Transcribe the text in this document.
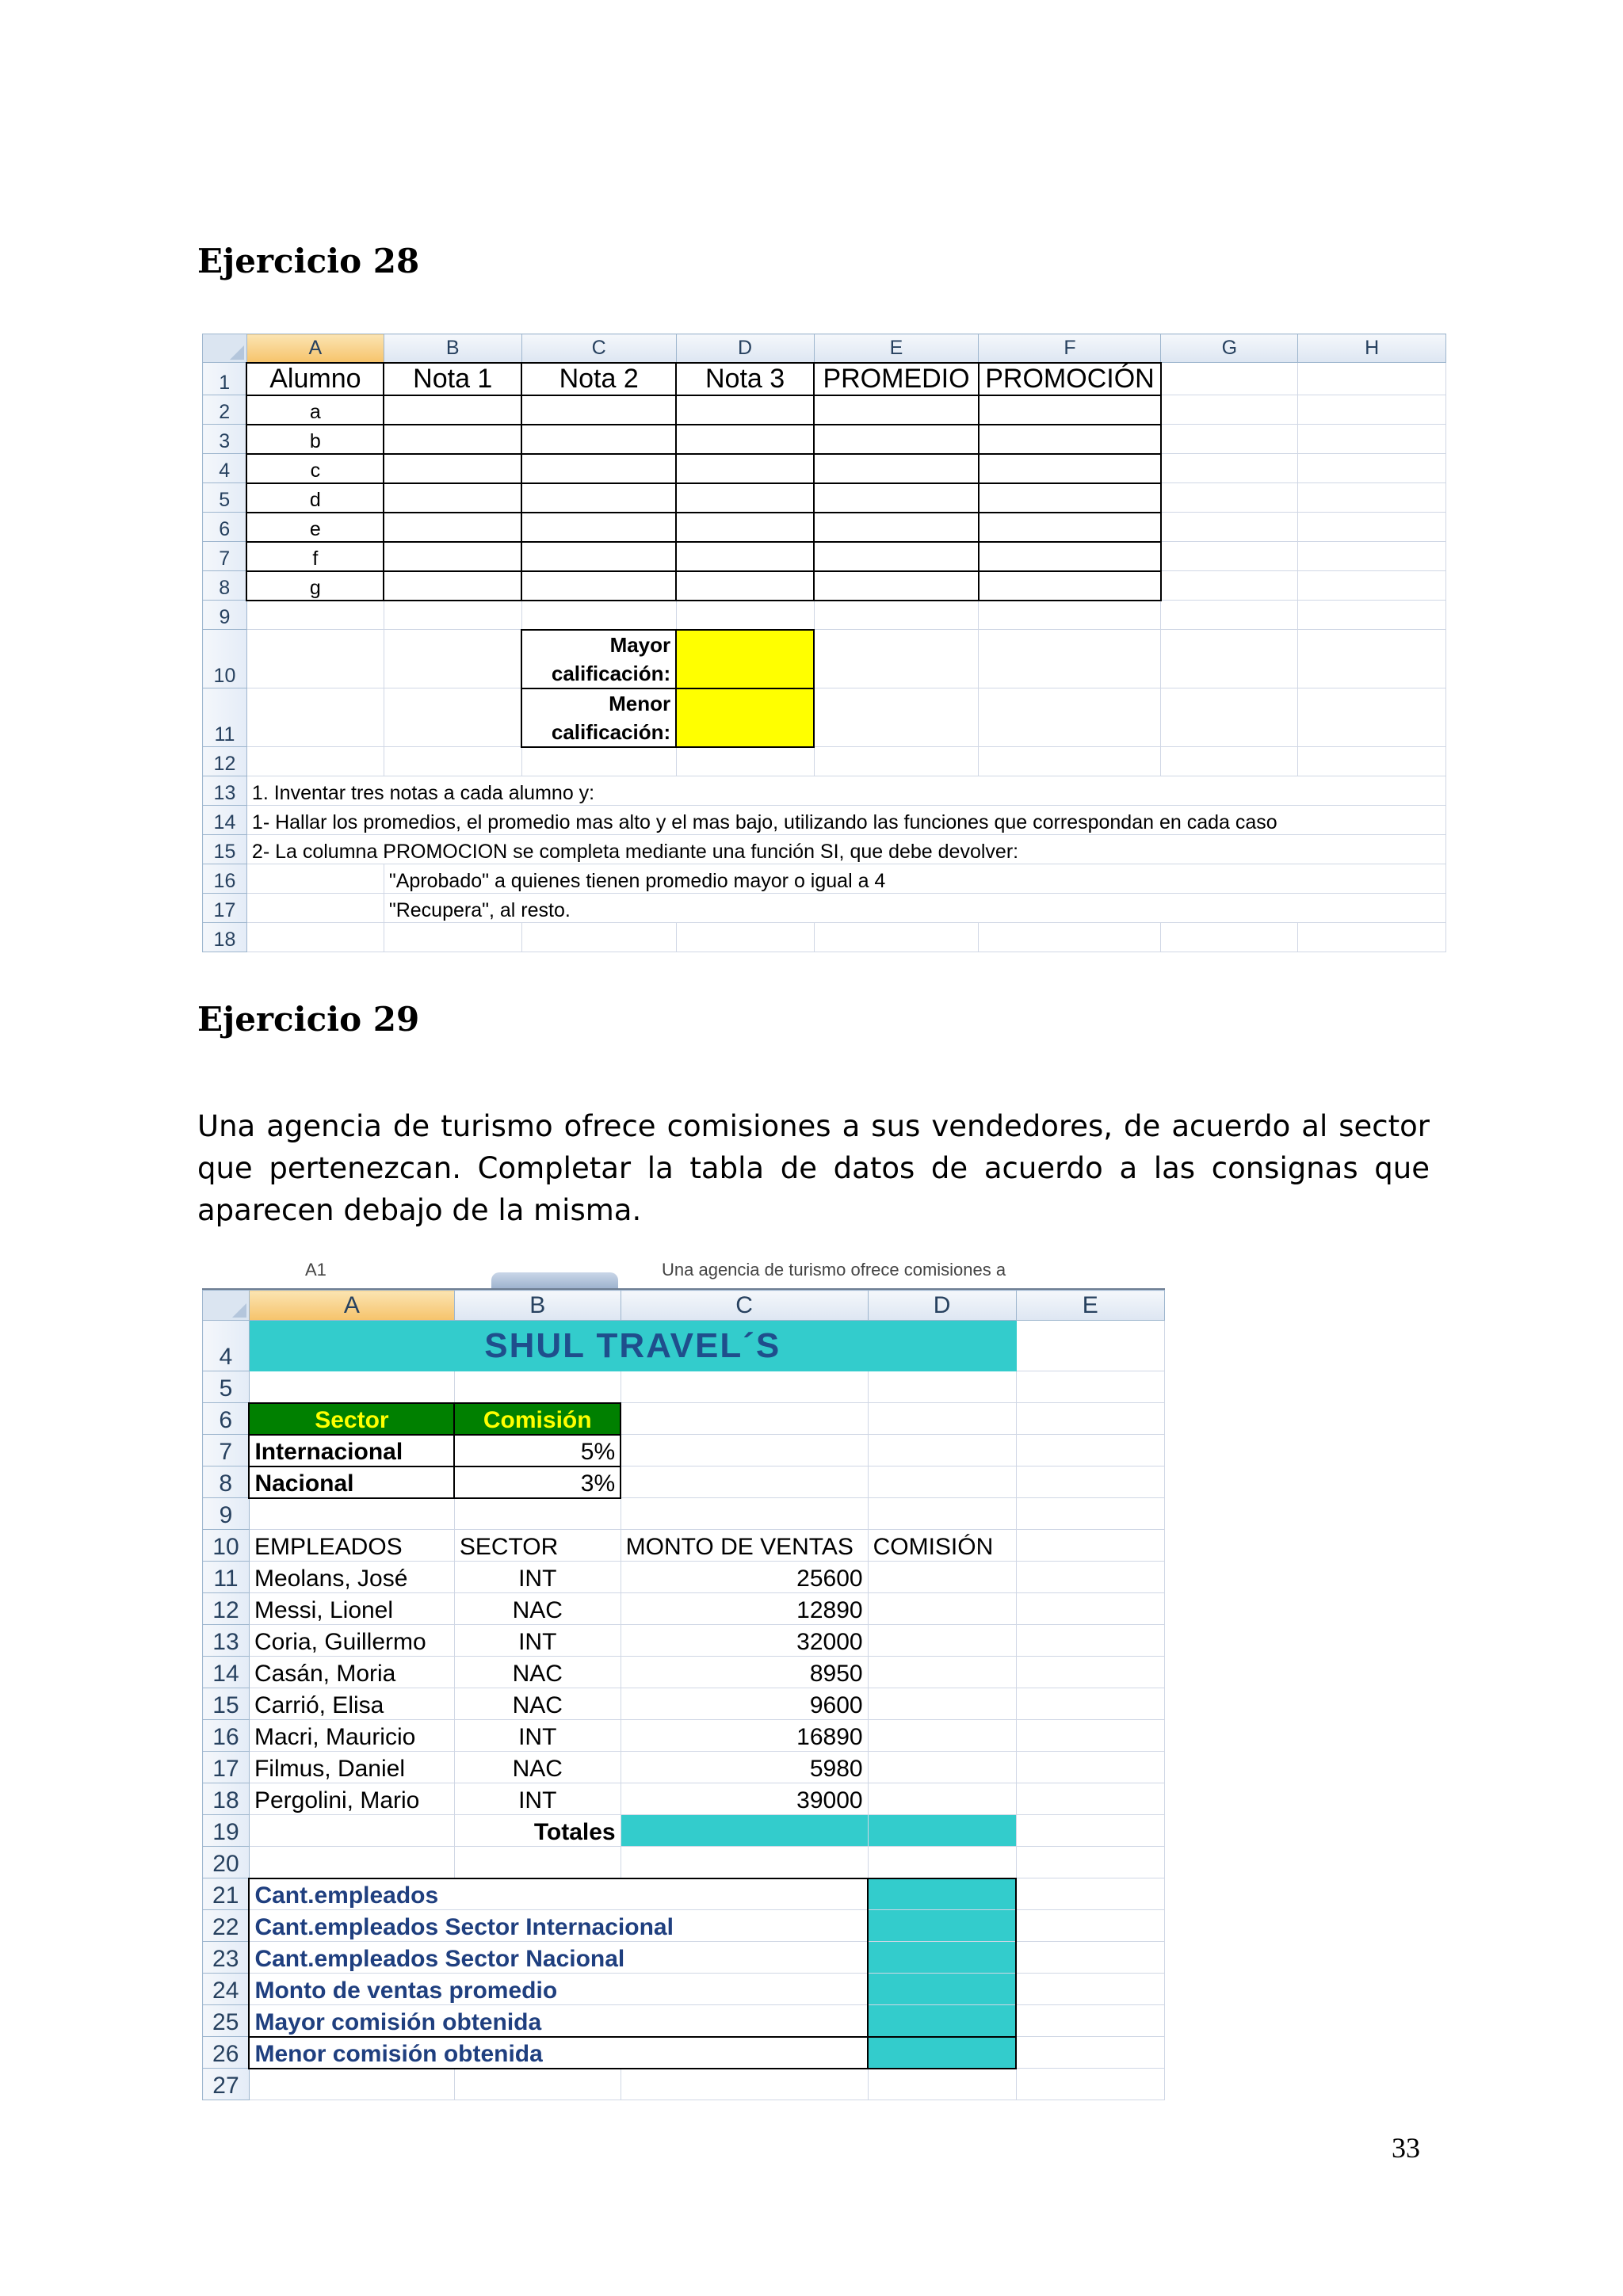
Ejercicio 28
	A	B	C	D	E	F	G	H
1	Alumno	Nota 1	Nota 2	Nota 3	PROMEDIO	PROMOCIÓN		
2	a							
3	b							
4	c							
5	d							
6	e							
7	f							
8	g							
9								
10			Mayor calificación:					
11			Menor calificación:					
12								
13	1. Inventar tres notas a cada alumno y:							
14	1- Hallar los promedios, el promedio mas alto y el mas bajo, utilizando las funciones que correspondan en cada caso							
15	2- La columna PROMOCION se completa mediante una función SI, que debe devolver:							
16		"Aprobado" a quienes tienen promedio mayor o igual a 4						
17		"Recupera", al resto.						
18								
Ejercicio 29

Una agencia de turismo ofrece comisiones a sus vendedores, de acuerdo al sector que pertenezcan. Completar la tabla de datos de acuerdo a las consignas que aparecen debajo de la misma.

A1	Una agencia de turismo ofrece comisiones a
	A	B	C	D	E
4	SHUL TRAVEL´S				
5					
6	Sector	Comisión			
7	Internacional	5%			
8	Nacional	3%			
9					
10	EMPLEADOS	SECTOR	MONTO DE VENTAS	COMISIÓN	
11	Meolans, José	INT	25600		
12	Messi, Lionel	NAC	12890		
13	Coria, Guillermo	INT	32000		
14	Casán, Moria	NAC	8950		
15	Carrió, Elisa	NAC	9600		
16	Macri, Mauricio	INT	16890		
17	Filmus, Daniel	NAC	5980		
18	Pergolini, Mario	INT	39000		
19		Totales			
20					
21	Cant.empleados				
22	Cant.empleados Sector Internacional				
23	Cant.empleados Sector Nacional				
24	Monto de ventas promedio				
25	Mayor comisión obtenida				
26	Menor comisión obtenida				
27					
33
